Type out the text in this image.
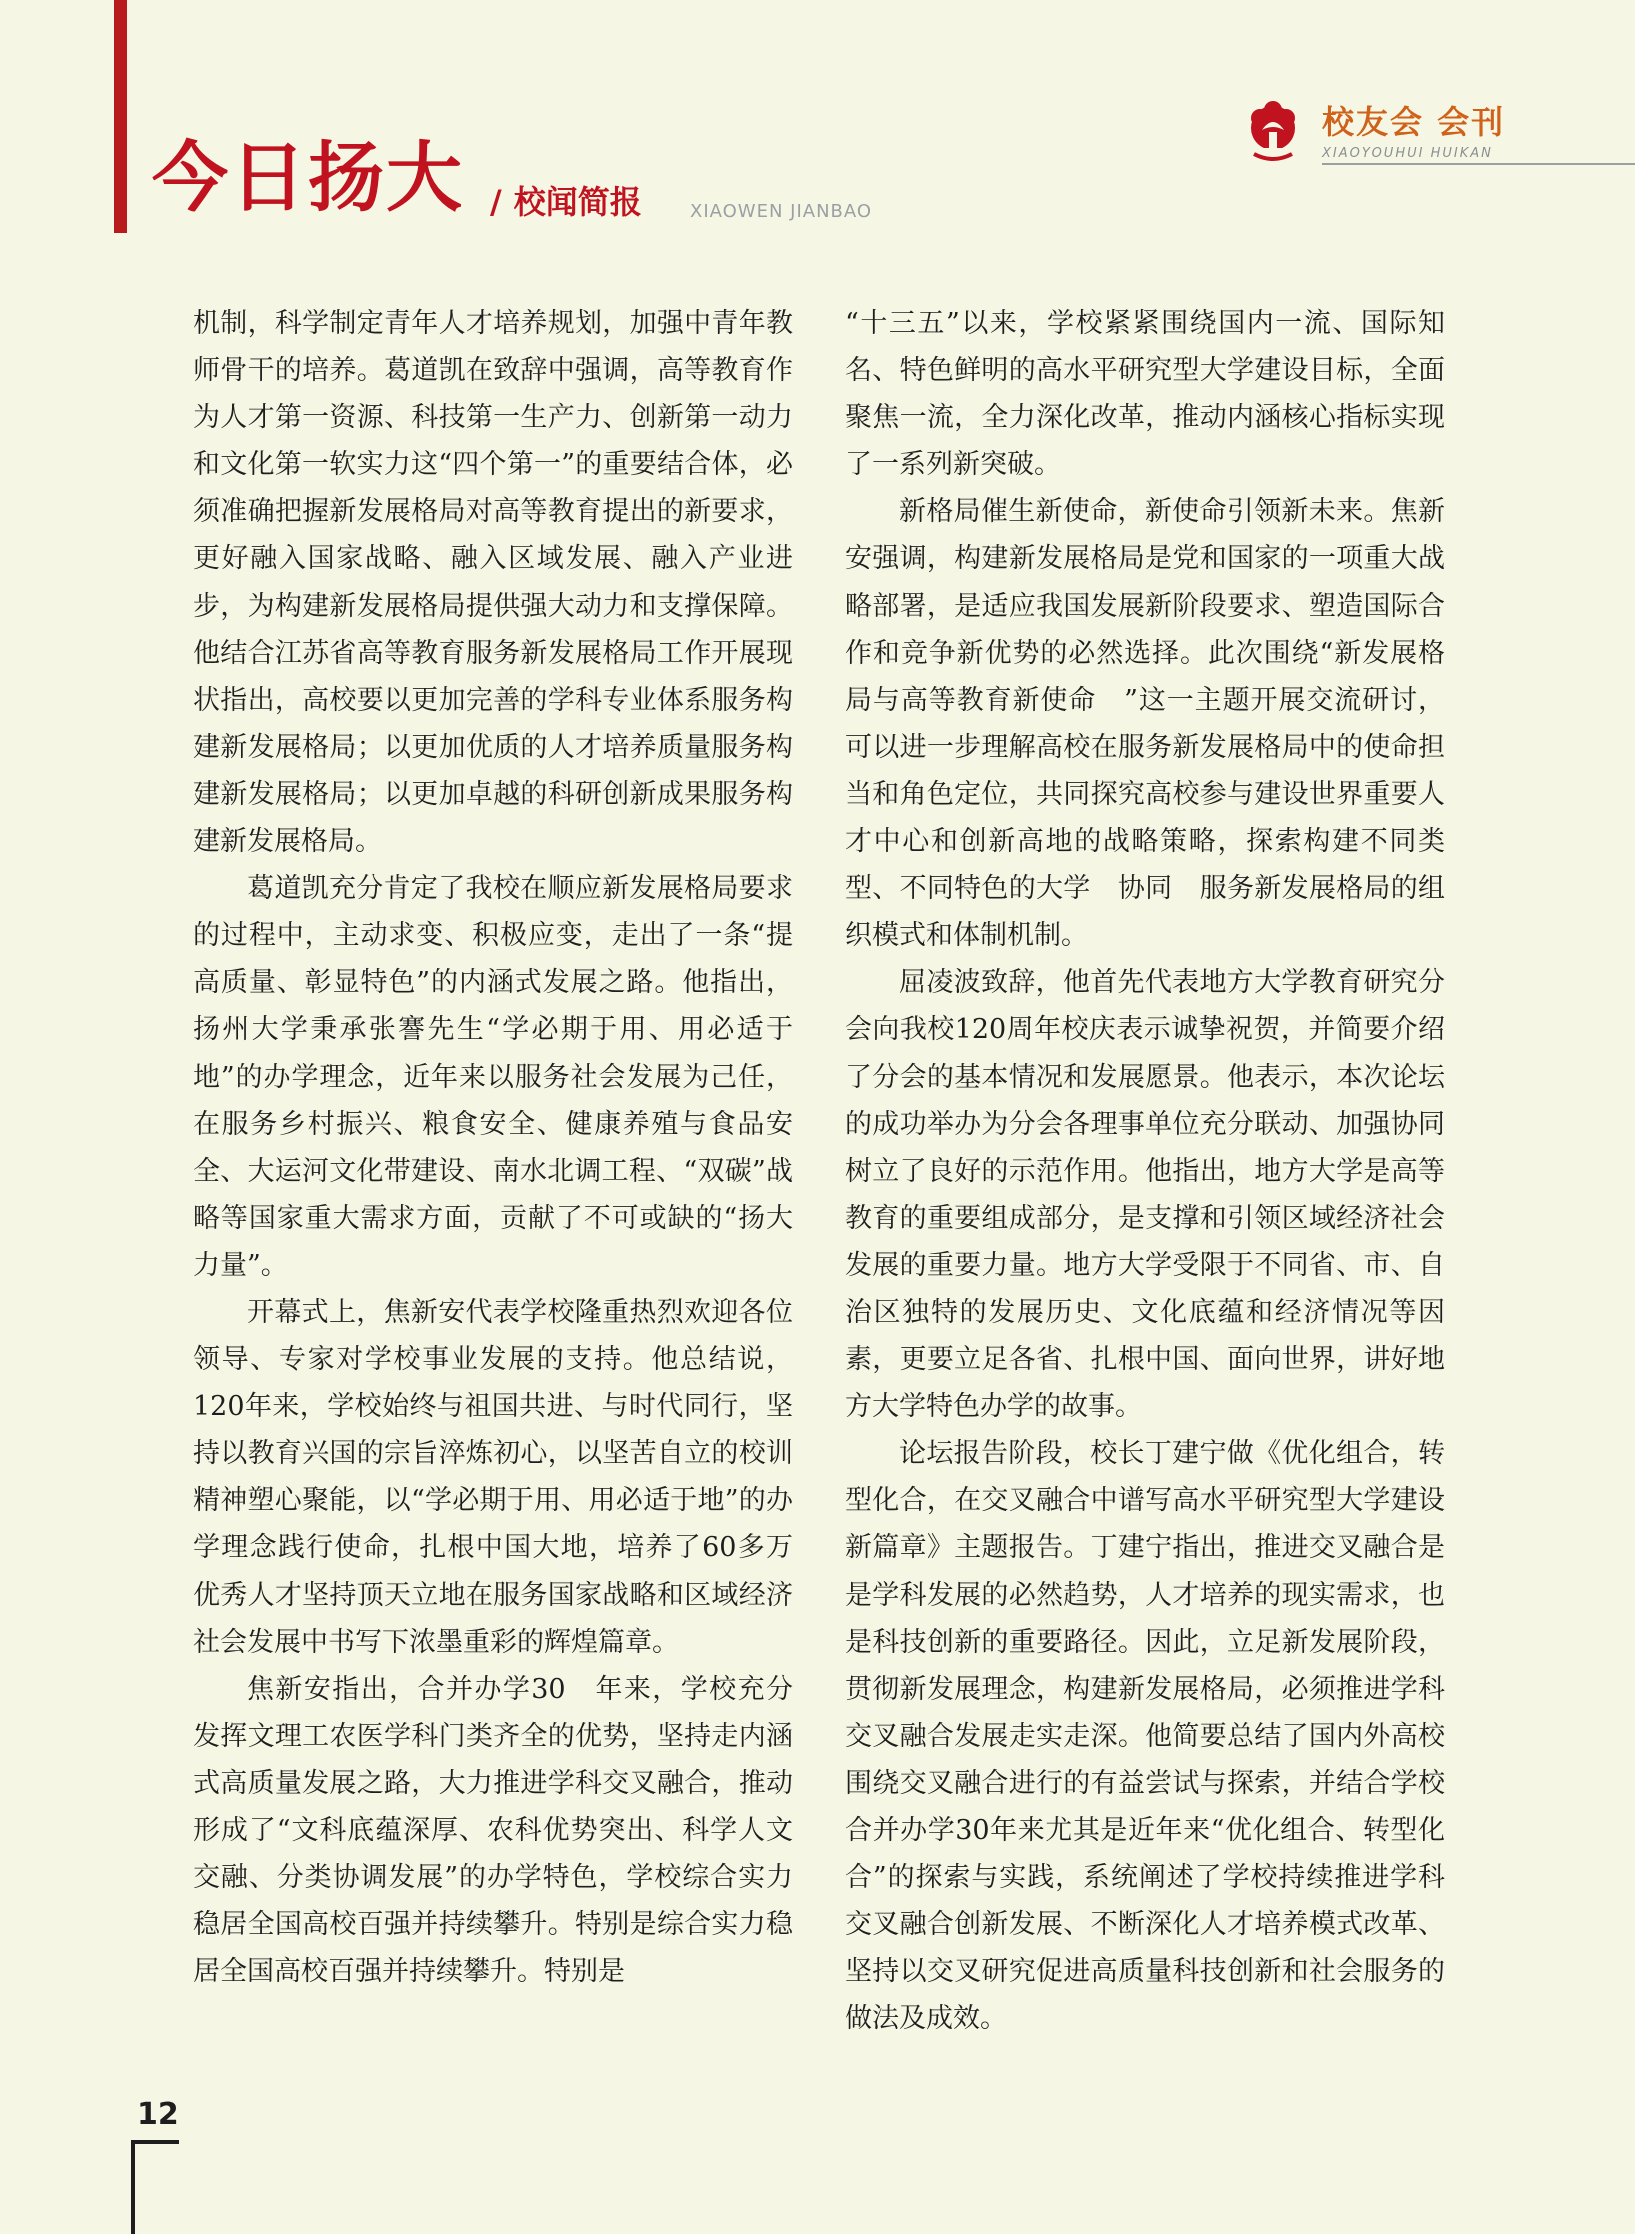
今日扬大 / 校闻简报	XIAOWEN JIANBAO
校友会 会刊
XIAOYOUHUI HUIKAN

机制，科学制定青年人才培养规划，加强中青年教师骨干的培养。葛道凯在致辞中强调，高等教育作为人才第一资源、科技第一生产力、创新第一动力和文化第一软实力这“四个第一”的重要结合体，必须准确把握新发展格局对高等教育提出的新要求，更好融入国家战略、融入区域发展、融入产业进步，为构建新发展格局提供强大动力和支撑保障。他结合江苏省高等教育服务新发展格局工作开展现状指出，高校要以更加完善的学科专业体系服务构建新发展格局；以更加优质的人才培养质量服务构建新发展格局；以更加卓越的科研创新成果服务构建新发展格局。

葛道凯充分肯定了我校在顺应新发展格局要求的过程中，主动求变、积极应变，走出了一条“提高质量、彰显特色”的内涵式发展之路。他指出，扬州大学秉承张謇先生“学必期于用、用必适于地”的办学理念，近年来以服务社会发展为己任，在服务乡村振兴、粮食安全、健康养殖与食品安全、大运河文化带建设、南水北调工程、“双碳”战略等国家重大需求方面，贡献了不可或缺的“扬大力量”。

开幕式上，焦新安代表学校隆重热烈欢迎各位领导、专家对学校事业发展的支持。他总结说，120年来，学校始终与祖国共进、与时代同行，坚持以教育兴国的宗旨淬炼初心，以坚苦自立的校训精神塑心聚能，以“学必期于用、用必适于地”的办学理念践行使命，扎根中国大地，培养了60多万优秀人才坚持顶天立地在服务国家战略和区域经济社会发展中书写下浓墨重彩的辉煌篇章。

焦新安指出，合并办学30　年来，学校充分发挥文理工农医学科门类齐全的优势，坚持走内涵式高质量发展之路，大力推进学科交叉融合，推动形成了“文科底蕴深厚、农科优势突出、科学人文交融、分类协调发展”的办学特色，学校综合实力稳居全国高校百强并持续攀升。特别是综合实力稳居全国高校百强并持续攀升。特别是

“十三五”以来，学校紧紧围绕国内一流、国际知名、特色鲜明的高水平研究型大学建设目标，全面聚焦一流，全力深化改革，推动内涵核心指标实现了一系列新突破。

新格局催生新使命，新使命引领新未来。焦新安强调，构建新发展格局是党和国家的一项重大战略部署，是适应我国发展新阶段要求、塑造国际合作和竞争新优势的必然选择。此次围绕“新发展格局与高等教育新使命　”这一主题开展交流研讨，可以进一步理解高校在服务新发展格局中的使命担当和角色定位，共同探究高校参与建设世界重要人才中心和创新高地的战略策略，探索构建不同类型、不同特色的大学　协同　服务新发展格局的组织模式和体制机制。

屈凌波致辞，他首先代表地方大学教育研究分会向我校120周年校庆表示诚挚祝贺，并简要介绍了分会的基本情况和发展愿景。他表示，本次论坛的成功举办为分会各理事单位充分联动、加强协同树立了良好的示范作用。他指出，地方大学是高等教育的重要组成部分，是支撑和引领区域经济社会发展的重要力量。地方大学受限于不同省、市、自治区独特的发展历史、文化底蕴和经济情况等因素，更要立足各省、扎根中国、面向世界，讲好地方大学特色办学的故事。

论坛报告阶段，校长丁建宁做《优化组合，转型化合，在交叉融合中谱写高水平研究型大学建设新篇章》主题报告。丁建宁指出，推进交叉融合是是学科发展的必然趋势，人才培养的现实需求，也是科技创新的重要路径。因此，立足新发展阶段，贯彻新发展理念，构建新发展格局，必须推进学科交叉融合发展走实走深。他简要总结了国内外高校围绕交叉融合进行的有益尝试与探索，并结合学校合并办学30年来尤其是近年来“优化组合、转型化合”的探索与实践，系统阐述了学校持续推进学科交叉融合创新发展、不断深化人才培养模式改革、坚持以交叉研究促进高质量科技创新和社会服务的做法及成效。

12
